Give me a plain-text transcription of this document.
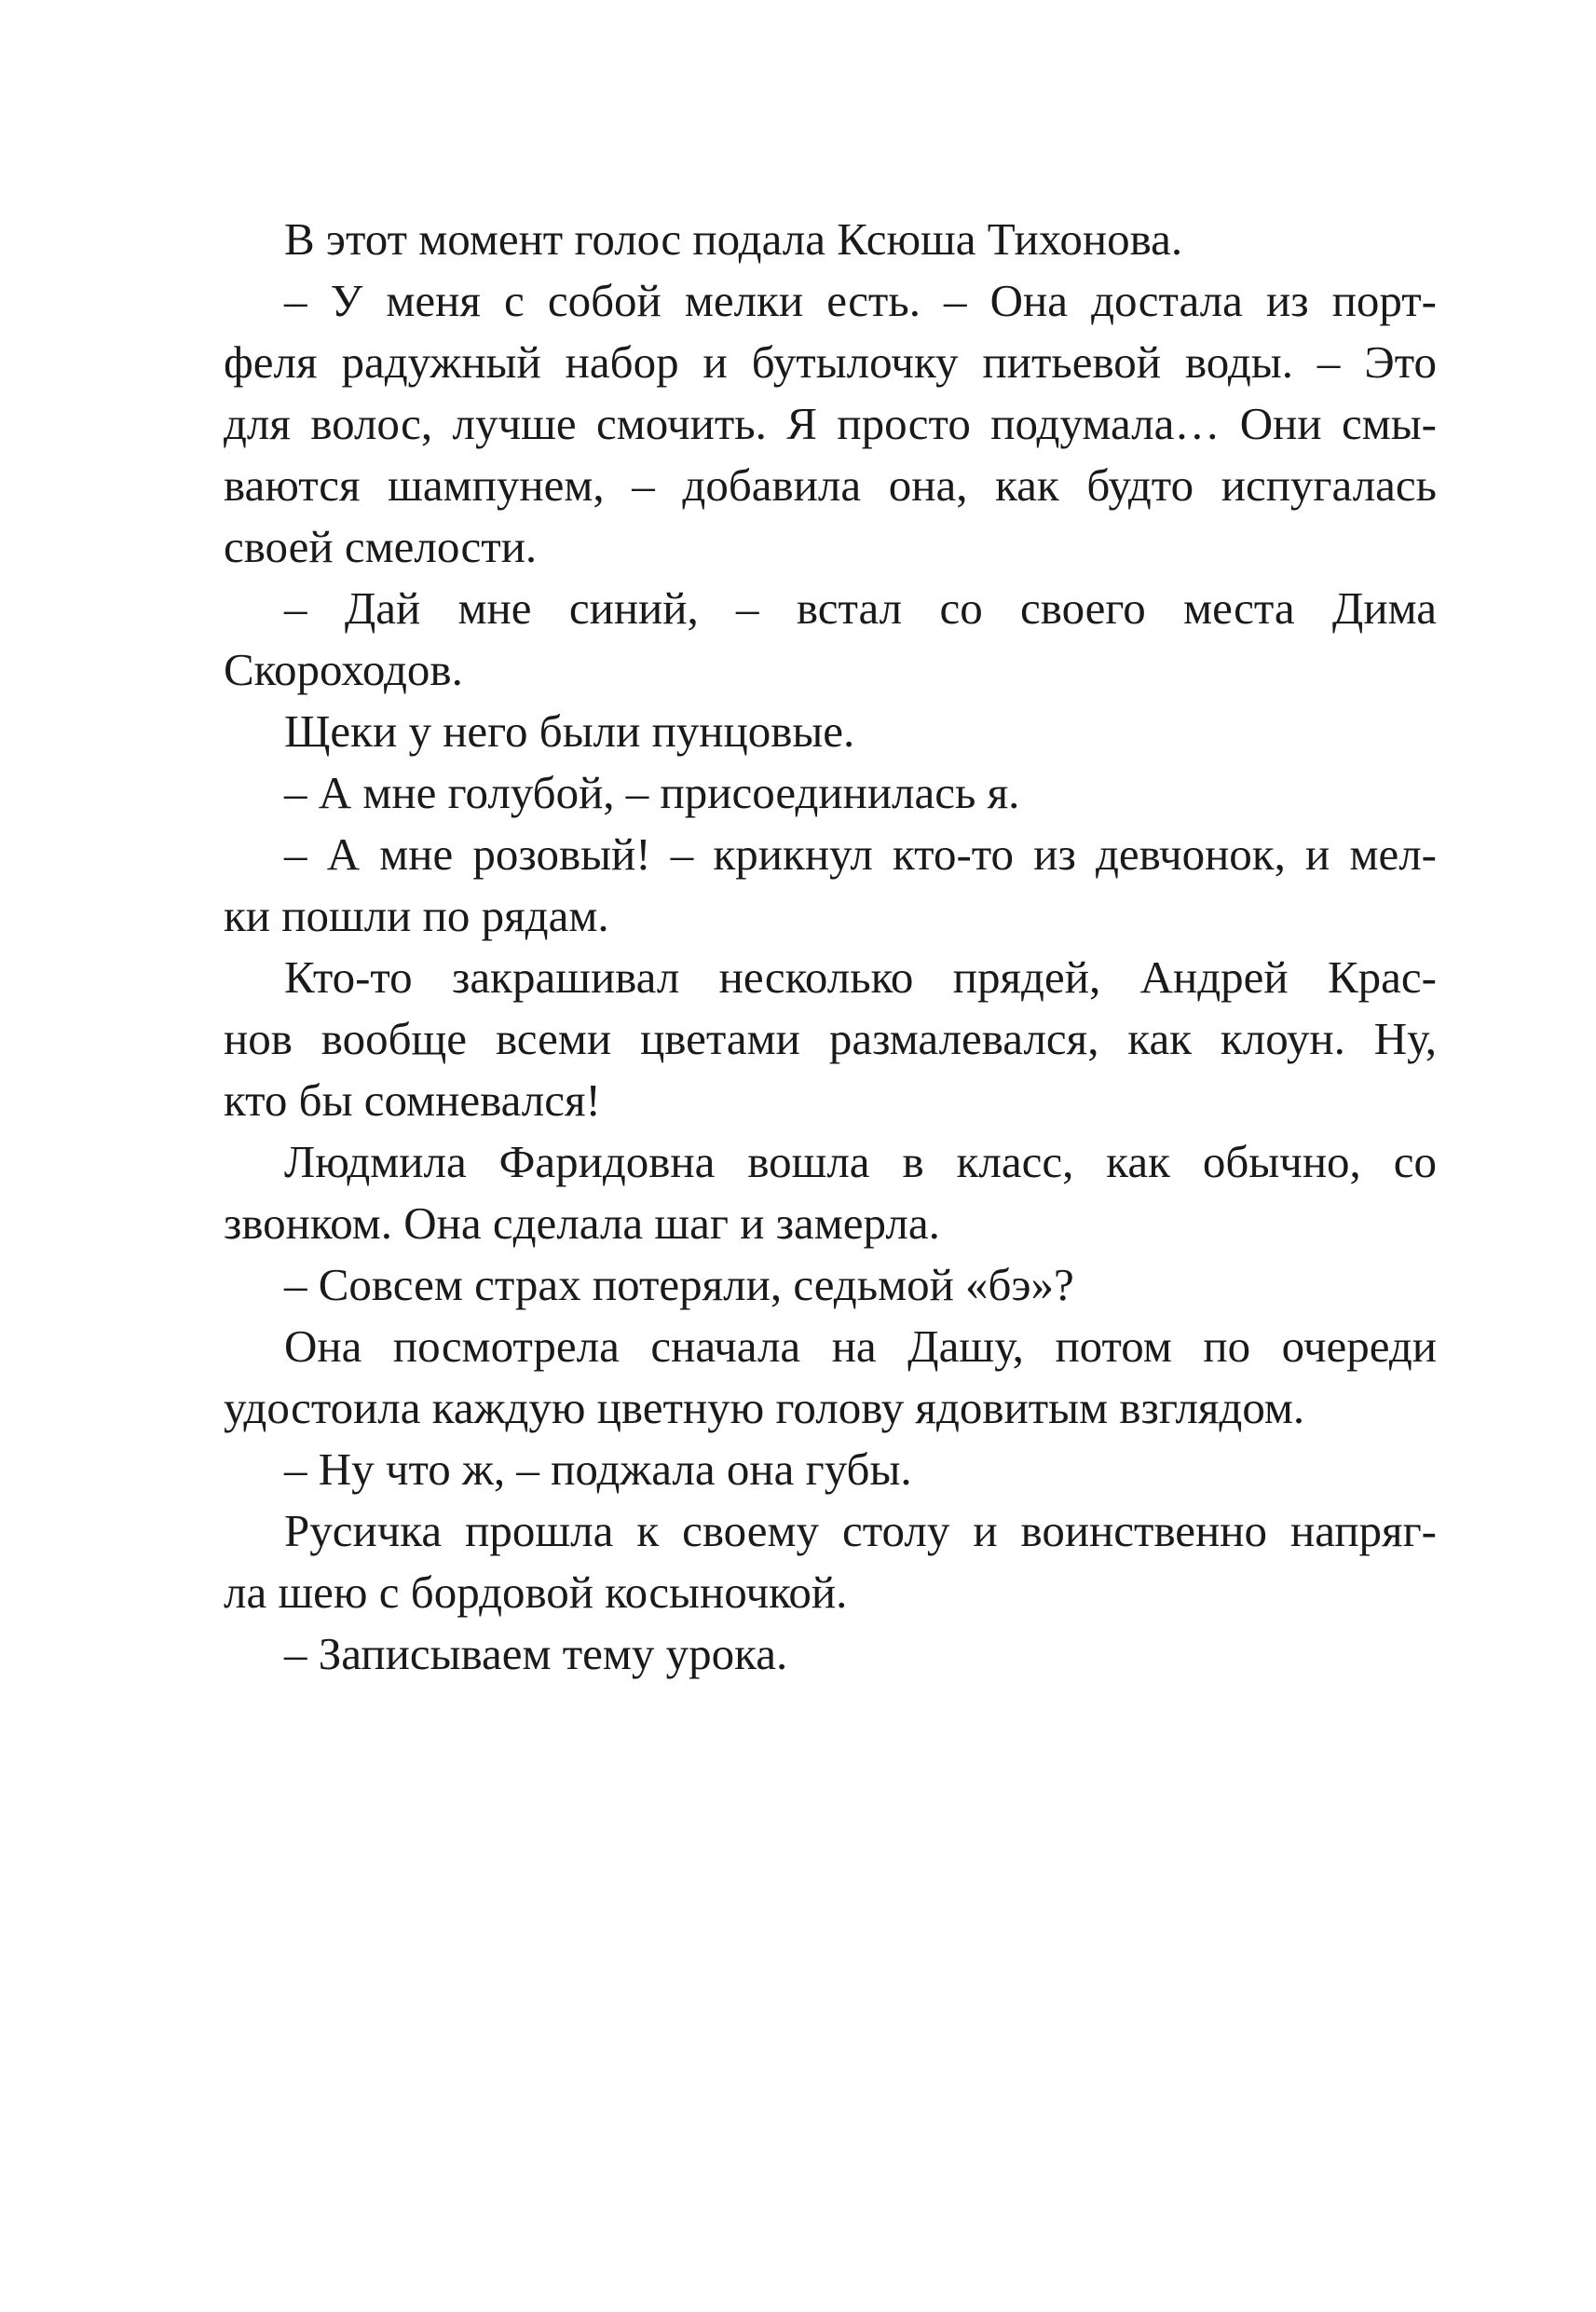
В этот момент голос подала Ксюша Тихонова.
– У меня с собой мелки есть. – Она достала из порт-
феля радужный набор и бутылочку питьевой воды. – Это
для волос, лучше смочить. Я просто подумала… Они смы-
ваются шампунем, – добавила она, как будто испугалась
своей смелости.
– Дай мне синий, – встал со своего места Дима
Скороходов.
Щеки у него были пунцовые.
– А мне голубой, – присоединилась я.
– А мне розовый! – крикнул кто-то из девчонок, и мел-
ки пошли по рядам.
Кто-то закрашивал несколько прядей, Андрей Крас-
нов вообще всеми цветами размалевался, как клоун. Ну,
кто бы сомневался!
Людмила Фаридовна вошла в класс, как обычно, со
звонком. Она сделала шаг и замерла.
– Совсем страх потеряли, седьмой «бэ»?
Она посмотрела сначала на Дашу, потом по очереди
удостоила каждую цветную голову ядовитым взглядом.
– Ну что ж, – поджала она губы.
Русичка прошла к своему столу и воинственно напряг-
ла шею с бордовой косыночкой.
– Записываем тему урока.
